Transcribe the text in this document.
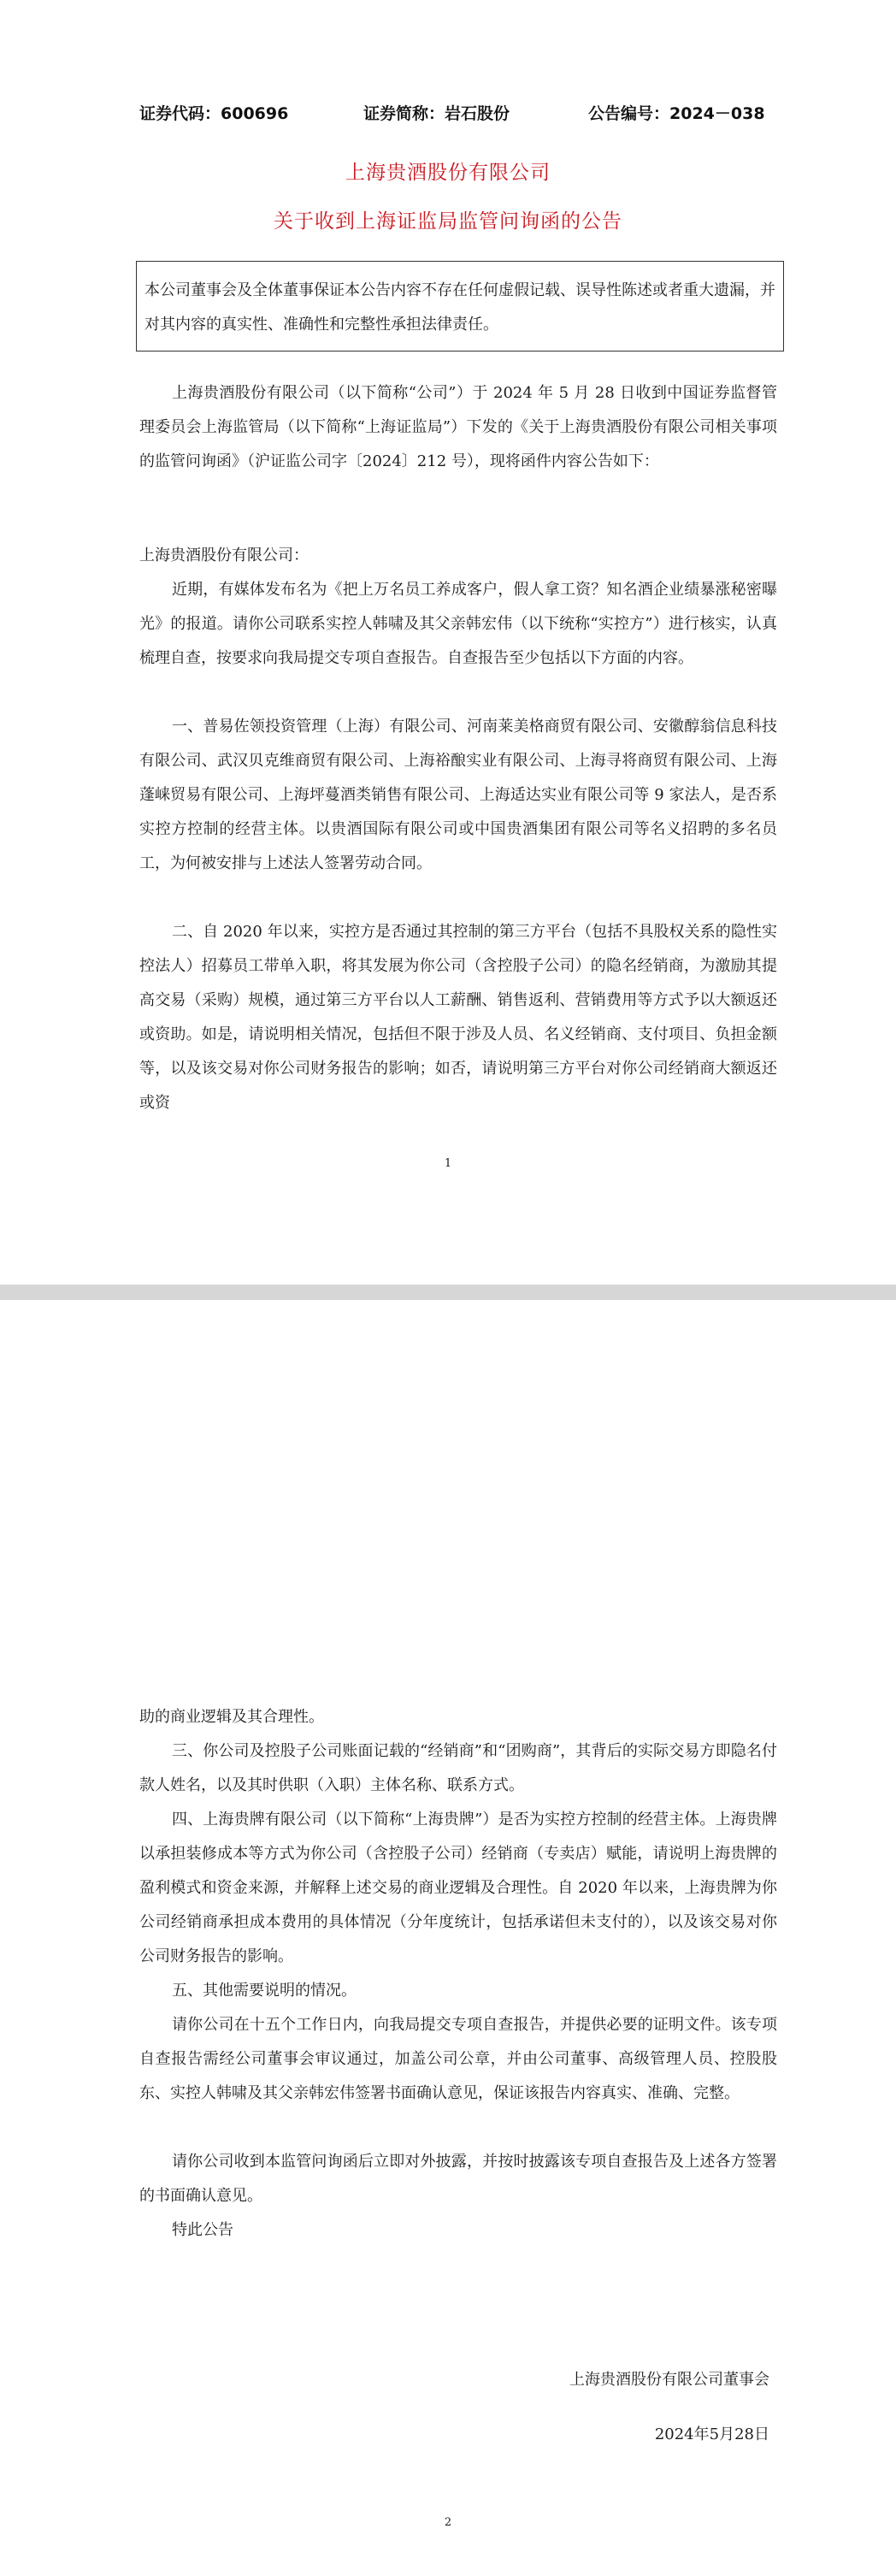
证券代码：600696	证券简称：岩石股份	公告编号：2024－038
上海贵酒股份有限公司
关于收到上海证监局监管问询函的公告
本公司董事会及全体董事保证本公告内容不存在任何虚假记载、误导性陈述或者重大遗漏，并对其内容的真实性、准确性和完整性承担法律责任。

上海贵酒股份有限公司（以下简称“公司”）于 2024 年 5 月 28 日收到中国证券监督管理委员会上海监管局（以下简称“上海证监局”）下发的《关于上海贵酒股份有限公司相关事项的监管问询函》（沪证监公司字〔2024〕212 号），现将函件内容公告如下：

上海贵酒股份有限公司：

近期，有媒体发布名为《把上万名员工养成客户，假人拿工资？知名酒企业绩暴涨秘密曝光》的报道。请你公司联系实控人韩啸及其父亲韩宏伟（以下统称“实控方”）进行核实，认真梳理自查，按要求向我局提交专项自查报告。自查报告至少包括以下方面的内容。

一、普易佐领投资管理（上海）有限公司、河南莱美格商贸有限公司、安徽醇翁信息科技有限公司、武汉贝克维商贸有限公司、上海裕酿实业有限公司、上海寻将商贸有限公司、上海蓬崃贸易有限公司、上海坪蔓酒类销售有限公司、上海适达实业有限公司等 9 家法人，是否系实控方控制的经营主体。以贵酒国际有限公司或中国贵酒集团有限公司等名义招聘的多名员工，为何被安排与上述法人签署劳动合同。

二、自 2020 年以来，实控方是否通过其控制的第三方平台（包括不具股权关系的隐性实控法人）招募员工带单入职，将其发展为你公司（含控股子公司）的隐名经销商，为激励其提高交易（采购）规模，通过第三方平台以人工薪酬、销售返利、营销费用等方式予以大额返还或资助。如是，请说明相关情况，包括但不限于涉及人员、名义经销商、支付项目、负担金额等，以及该交易对你公司财务报告的影响；如否，请说明第三方平台对你公司经销商大额返还或资

1

助的商业逻辑及其合理性。

三、你公司及控股子公司账面记载的“经销商”和“团购商”，其背后的实际交易方即隐名付款人姓名，以及其时供职（入职）主体名称、联系方式。

四、上海贵牌有限公司（以下简称“上海贵牌”）是否为实控方控制的经营主体。上海贵牌以承担装修成本等方式为你公司（含控股子公司）经销商（专卖店）赋能，请说明上海贵牌的盈利模式和资金来源，并解释上述交易的商业逻辑及合理性。自 2020 年以来，上海贵牌为你公司经销商承担成本费用的具体情况（分年度统计，包括承诺但未支付的），以及该交易对你公司财务报告的影响。

五、其他需要说明的情况。

请你公司在十五个工作日内，向我局提交专项自查报告，并提供必要的证明文件。该专项自查报告需经公司董事会审议通过，加盖公司公章，并由公司董事、高级管理人员、控股股东、实控人韩啸及其父亲韩宏伟签署书面确认意见，保证该报告内容真实、准确、完整。

请你公司收到本监管问询函后立即对外披露，并按时披露该专项自查报告及上述各方签署的书面确认意见。

特此公告

上海贵酒股份有限公司董事会
2024年5月28日
2
